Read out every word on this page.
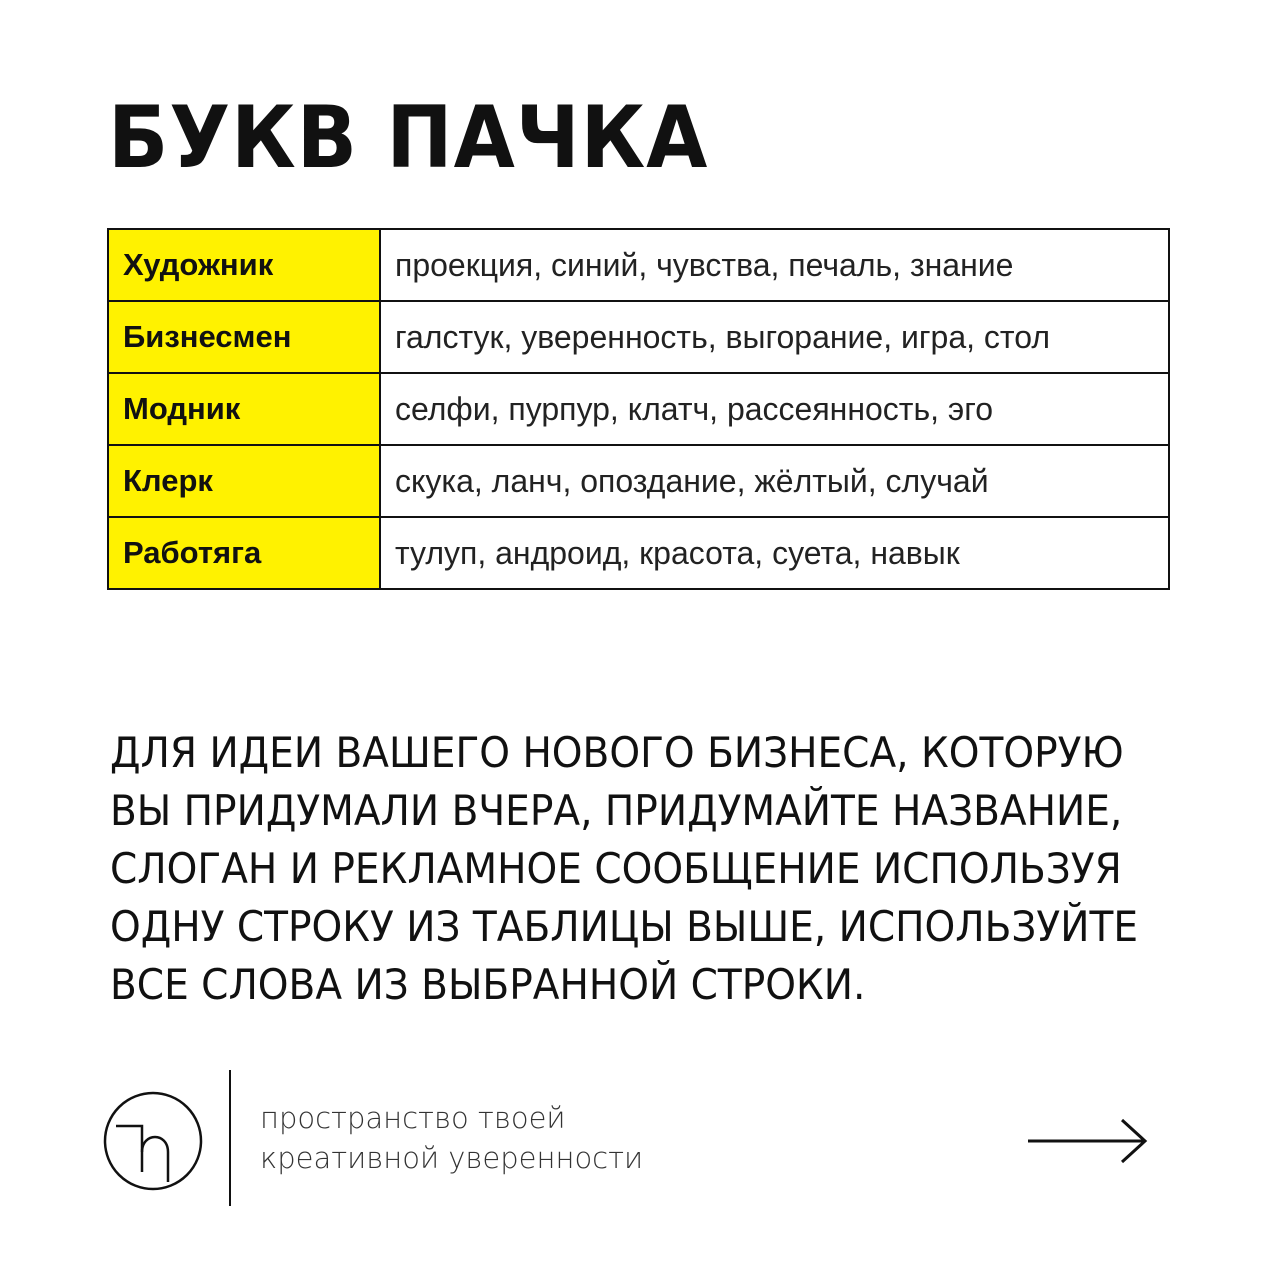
БУКВ ПАЧКА
Художник	проекция, синий, чувства, печаль, знание
Бизнесмен	галстук, уверенность, выгорание, игра, стол
Модник	селфи, пурпур, клатч, рассеянность, эго
Клерк	скука, ланч, опоздание, жёлтый, случай
Работяга	тулуп, андроид, красота, суета, навык

ДЛЯ ИДЕИ ВАШЕГО НОВОГО БИЗНЕСА, КОТОРУЮ
ВЫ ПРИДУМАЛИ ВЧЕРА, ПРИДУМАЙТЕ НАЗВАНИЕ,
СЛОГАН И РЕКЛАМНОЕ СООБЩЕНИЕ ИСПОЛЬЗУЯ
ОДНУ СТРОКУ ИЗ ТАБЛИЦЫ ВЫШЕ, ИСПОЛЬЗУЙТЕ
ВСЕ СЛОВА ИЗ ВЫБРАННОЙ СТРОКИ.

пространство твоей
креативной уверенности
